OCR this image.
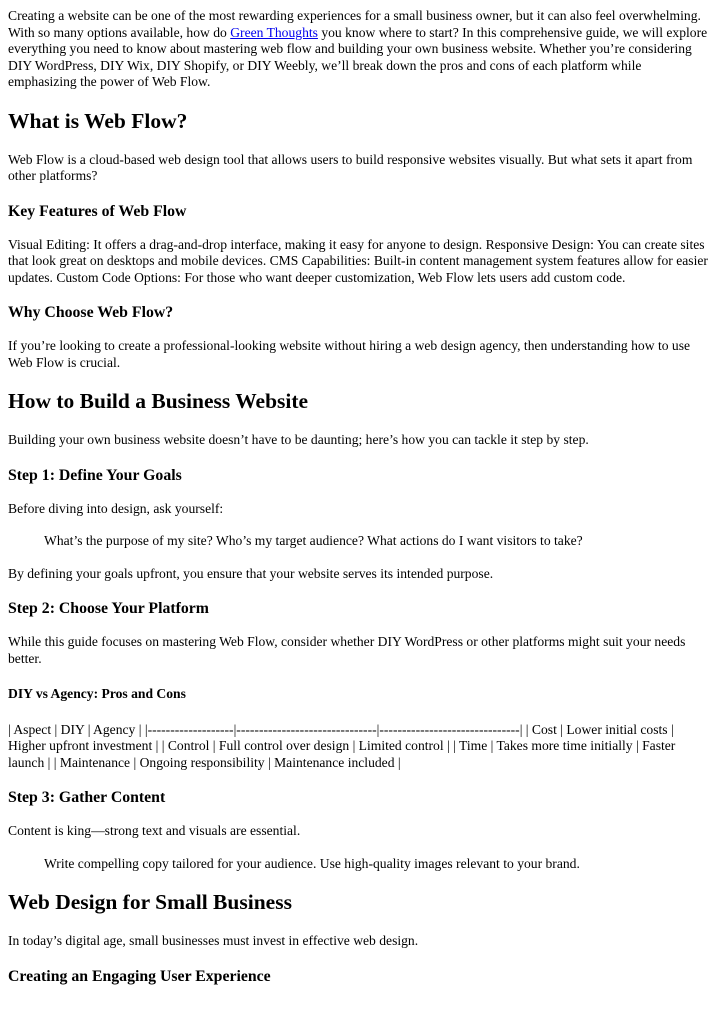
Creating a website can be one of the most rewarding experiences for a small business owner, but it can also feel overwhelming. With so many options available, how do Green Thoughts you know where to start? In this comprehensive guide, we will explore everything you need to know about mastering web flow and building your own business website. Whether you’re considering DIY WordPress, DIY Wix, DIY Shopify, or DIY Weebly, we’ll break down the pros and cons of each platform while emphasizing the power of Web Flow.

What is Web Flow?

Web Flow is a cloud-based web design tool that allows users to build responsive websites visually. But what sets it apart from other platforms?

Key Features of Web Flow

Visual Editing: It offers a drag-and-drop interface, making it easy for anyone to design. Responsive Design: You can create sites that look great on desktops and mobile devices. CMS Capabilities: Built-in content management system features allow for easier updates. Custom Code Options: For those who want deeper customization, Web Flow lets users add custom code.

Why Choose Web Flow?

If you’re looking to create a professional-looking website without hiring a web design agency, then understanding how to use Web Flow is crucial.

How to Build a Business Website

Building your own business website doesn’t have to be daunting; here’s how you can tackle it step by step.

Step 1: Define Your Goals

Before diving into design, ask yourself:

What’s the purpose of my site? Who’s my target audience? What actions do I want visitors to take?

By defining your goals upfront, you ensure that your website serves its intended purpose.

Step 2: Choose Your Platform

While this guide focuses on mastering Web Flow, consider whether DIY WordPress or other platforms might suit your needs better.

DIY vs Agency: Pros and Cons

| Aspect | DIY | Agency | |-------------------|-------------------------------|-------------------------------| | Cost | Lower initial costs | Higher upfront investment | | Control | Full control over design | Limited control | | Time | Takes more time initially | Faster launch | | Maintenance | Ongoing responsibility | Maintenance included |

Step 3: Gather Content

Content is king—strong text and visuals are essential.

Write compelling copy tailored for your audience. Use high-quality images relevant to your brand.
Web Design for Small Business

In today’s digital age, small businesses must invest in effective web design.

Creating an Engaging User Experience
